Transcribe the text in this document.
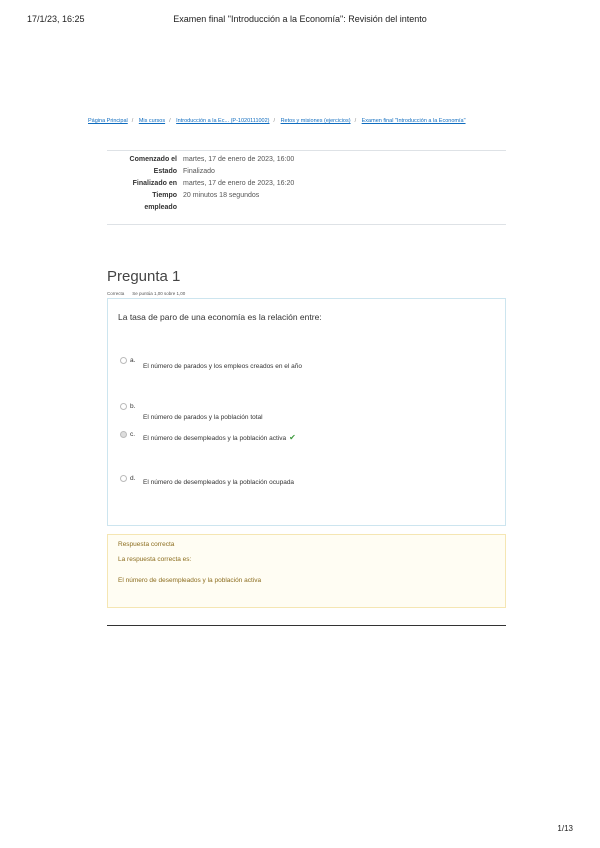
17/1/23, 16:25	Examen final "Introducción a la Economía": Revisión del intento
Página Principal / Mis cursos / Introducción a la Ec... (P-1020111002) / Retos y misiones (ejercicios) / Examen final "Introducción a la Economía"
Comenzado el martes, 17 de enero de 2023, 16:00
Estado Finalizado
Finalizado en martes, 17 de enero de 2023, 16:20
Tiempo
empleado
20 minutos 18 segundos
Pregunta 1
Correcta Se puntúa 1,00 sobre 1,00
La tasa de paro de una economía es la relación entre:
a.
El número de parados y los empleos creados en el año
b.
El número de parados y la población total
c.
El número de desempleados y la población activa ✔
d.
El número de desempleados y la población ocupada
Respuesta correcta
La respuesta correcta es:
El número de desempleados y la población activa
1/13
